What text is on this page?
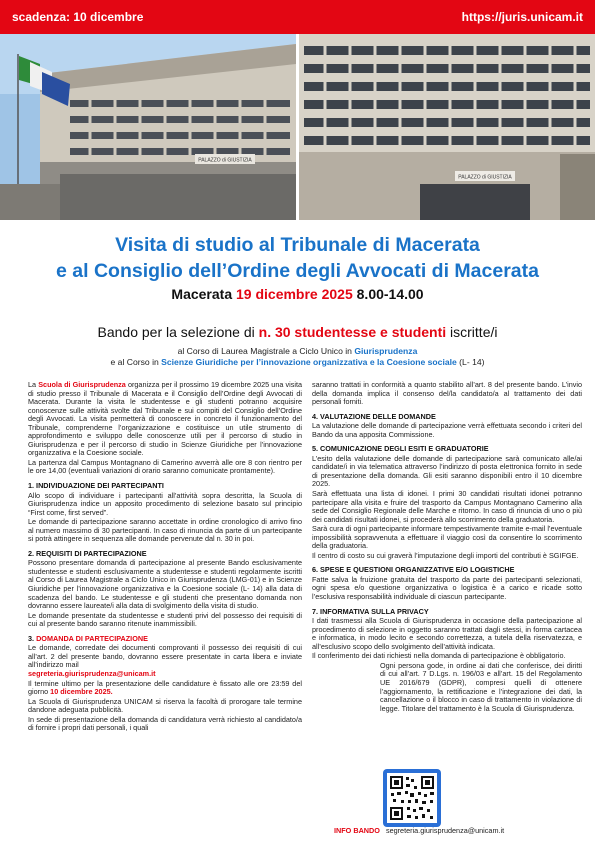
scadenza: 10 dicembre	https://juris.unicam.it
PALAZZO di GIUSTIZIA
PALAZZO di GIUSTIZIA
Visita di studio al Tribunale di Macerata
e al Consiglio dell’Ordine degli Avvocati di Macerata
Macerata 19 dicembre 2025 8.00-14.00
Bando per la selezione di n. 30 studentesse e studenti iscritte/i
al Corso di Laurea Magistrale a Ciclo Unico in Giurisprudenza
e al Corso in Scienze Giuridiche per l’innovazione organizzativa e la Coesione sociale (L- 14)

La Scuola di Giurisprudenza organizza per il prossimo 19 dicembre 2025 una visita di studio presso il Tribunale di Macerata e il Consiglio dell’Ordine degli Avvocati di Macerata. Durante la visita le studentesse e gli studenti potranno acquisire conoscenze sulle attività svolte dal Tribunale e sui compiti del Consiglio dell’Ordine degli Avvocati. La visita permetterà di conoscere in concreto il funzionamento del Tribunale, comprenderne l’organizzazione e costituisce un utile strumento di approfondimento e sviluppo delle conoscenze utili per il percorso di studio in Giurisprudenza e per il percorso di studio in Scienze Giuridiche per l’innovazione organizzativa e la Coesione sociale.

La partenza dal Campus Montagnano di Camerino avverrà alle ore 8 con rientro per le ore 14,00 (eventuali variazioni di orario saranno comunicate prontamente).

1. INDIVIDUAZIONE DEI PARTECIPANTI

Allo scopo di individuare i partecipanti all’attività sopra descritta, la Scuola di Giurisprudenza indice un apposito procedimento di selezione basato sul principio “First come, first served”.

Le domande di partecipazione saranno accettate in ordine cronologico di arrivo fino al numero massimo di 30 partecipanti. In caso di rinuncia da parte di un partecipante si potrà attingere in sequenza alle domande pervenute dal n. 30 in poi.

2. REQUISITI DI PARTECIPAZIONE

Possono presentare domanda di partecipazione al presente Bando esclusivamente studentesse e studenti esclusivamente a studentesse e studenti regolarmente iscritti al Corso di Laurea Magistrale a Ciclo Unico in Giurisprudenza (LMG-01) e in Scienze Giuridiche per l’innovazione organizzativa e la Coesione sociale (L- 14) alla data di scadenza del bando. Le studentesse e gli studenti che presentano domanda non dovranno essere laureate/i alla data di svolgimento della visita di studio.

Le domande presentate da studentesse e studenti privi del possesso dei requisiti di cui al presente bando saranno ritenute inammissibili.

3. DOMANDA DI PARTECIPAZIONE

Le domande, corredate dei documenti comprovanti il possesso dei requisiti di cui all’art. 2 del presente bando, dovranno essere presentate in carta libera e inviate all’indirizzo mail
segreteria.giurisprudenza@unicam.it

Il termine ultimo per la presentazione delle candidature è fissato alle ore 23:59 del giorno 10 dicembre 2025.

La Scuola di Giurisprudenza UNICAM si riserva la facoltà di prorogare tale termine dandone adeguata pubblicità.

In sede di presentazione della domanda di candidatura verrà richiesto al candidato/a di fornire i propri dati personali, i quali

saranno trattati in conformità a quanto stabilito all’art. 8 del presente bando. L’invio della domanda implica il consenso del/la candidato/a al trattamento dei dati personali forniti.

4. VALUTAZIONE DELLE DOMANDE

La valutazione delle domande di partecipazione verrà effettuata secondo i criteri del Bando da una apposita Commissione.

5. COMUNICAZIONE DEGLI ESITI E GRADUATORIE

L’esito della valutazione delle domande di partecipazione sarà comunicato alle/ai candidate/i in via telematica attraverso l’indirizzo di posta elettronica fornito in sede di presentazione della domanda. Gli esiti saranno disponibili entro il 10 dicembre 2025.

Sarà effettuata una lista di idonei. I primi 30 candidati risultati idonei potranno partecipare alla visita e fruire del trasporto da Campus Montagnano Camerino alla sede del Consiglio Regionale delle Marche e ritorno. In caso di rinuncia di uno o più dei candidati risultati idonei, si procederà allo scorrimento della graduatoria.

Sarà cura di ogni partecipante informare tempestivamente tramite e-mail l’eventuale impossibilità sopravvenuta a effettuare il viaggio così da consentire lo scorrimento della graduatoria.

Il centro di costo su cui graverà l’imputazione degli importi del contributi è SGIFGE.

6. SPESE E QUESTIONI ORGANIZZATIVE E/O LOGISTICHE

Fatte salva la fruizione gratuita del trasporto da parte dei partecipanti selezionati, ogni spesa e/o questione organizzativa o logistica è a carico e ricade sotto l’esclusiva responsabilità individuale di ciascun partecipante.

7. INFORMATIVA SULLA PRIVACY

I dati trasmessi alla Scuola di Giurisprudenza in occasione della partecipazione al procedimento di selezione in oggetto saranno trattati dagli stessi, in forma cartacea e informatica, in modo lecito e secondo correttezza, a tutela della riservatezza, e all’esclusivo scopo dello svolgimento dell’attività indicata.

Il conferimento dei dati richiesti nella domanda di partecipazione è obbligatorio.

Ogni persona gode, in ordine ai dati che conferisce, dei diritti di cui all’art. 7 D.Lgs. n. 196/03 e all’art. 15 del Regolamento UE 2016/679 (GDPR), compresi quelli di ottenere l’aggiornamento, la rettificazione e l’integrazione dei dati, la cancellazione o il blocco in caso di trattamento in violazione di legge. Titolare del trattamento è la Scuola di Giurisprudenza.

INFO BANDO segreteria.giurisprudenza@unicam.it
